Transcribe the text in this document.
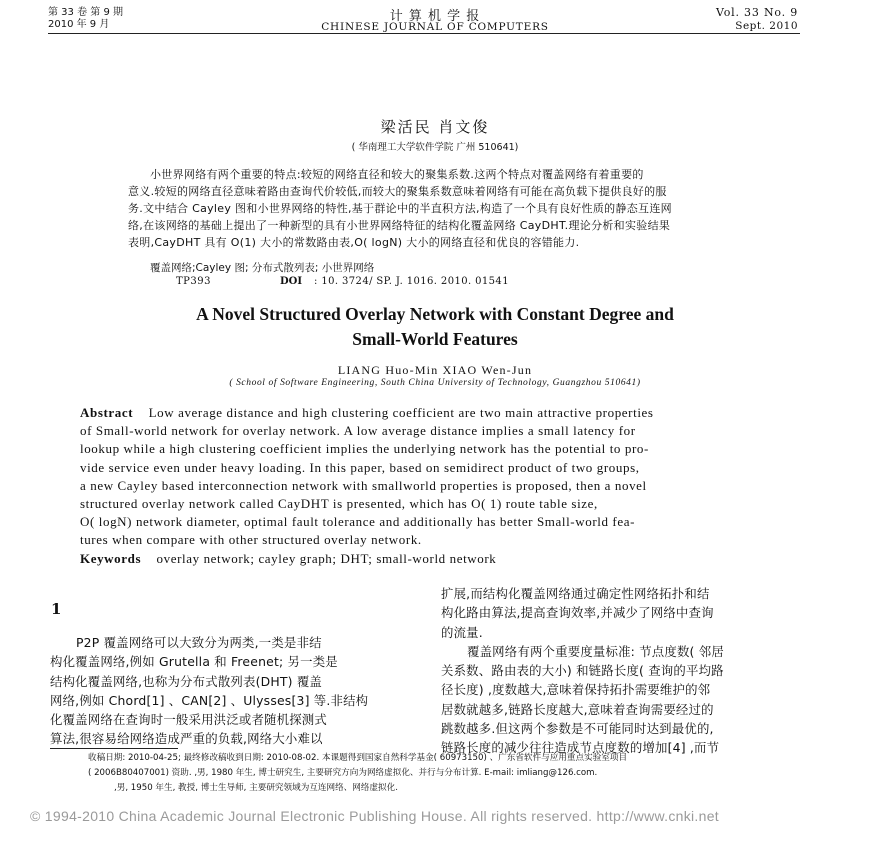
第 33 卷 第 9 期
2010 年 9 月
计 算 机 学 报
CHINESE JOURNAL OF COMPUTERS
Vol. 33 No. 9
Sept. 2010
梁活民 肖文俊
( 华南理工大学软件学院 广州 510641)
小世界网络有两个重要的特点:较短的网络直径和较大的聚集系数.这两个特点对覆盖网络有着重要的
意义.较短的网络直径意味着路由查询代价较低,而较大的聚集系数意味着网络有可能在高负载下提供良好的服
务.文中结合 Cayley 图和小世界网络的特性,基于群论中的半直积方法,构造了一个具有良好性质的静态互连网
络,在该网络的基础上提出了一种新型的具有小世界网络特征的结构化覆盖网络 CayDHT.理论分析和实验结果
表明,CayDHT 具有 O(1) 大小的常数路由表,O( logN) 大小的网络直径和优良的容错能力.
覆盖网络;Cayley 图; 分布式散列表; 小世界网络
TP393	DOI : 10. 3724/ SP. J. 1016. 2010. 01541
A Novel Structured Overlay Network with Constant Degree and
Small-World Features
LIANG Huo-Min XIAO Wen-Jun
( School of Software Engineering, South China University of Technology, Guangzhou 510641)
Abstract Low average distance and high clustering coefficient are two main attractive properties
of Small-world network for overlay network. A low average distance implies a small latency for
lookup while a high clustering coefficient implies the underlying network has the potential to pro-
vide service even under heavy loading. In this paper, based on semidirect product of two groups,
a new Cayley based interconnection network with smallworld properties is proposed, then a novel
structured overlay network called CayDHT is presented, which has O( 1) route table size,
O( logN) network diameter, optimal fault tolerance and additionally has better Small-world fea-
tures when compare with other structured overlay network.
Keywords overlay network; cayley graph; DHT; small-world network
1
P2P 覆盖网络可以大致分为两类,一类是非结
构化覆盖网络,例如 Grutella 和 Freenet; 另一类是
结构化覆盖网络,也称为分布式散列表(DHT) 覆盖
网络,例如 Chord[1] 、CAN[2] 、Ulysses[3] 等.非结构
化覆盖网络在查询时一般采用洪泛或者随机探测式
算法,很容易给网络造成严重的负载,网络大小难以
扩展,而结构化覆盖网络通过确定性网络拓扑和结
构化路由算法,提高查询效率,并减少了网络中查询
的流量.
覆盖网络有两个重要度量标准: 节点度数( 邻居
关系数、路由表的大小) 和链路长度( 查询的平均路
径长度) ,度数越大,意味着保持拓扑需要维护的邻
居数就越多,链路长度越大,意味着查询需要经过的
跳数越多.但这两个参数是不可能同时达到最优的,
链路长度的减少往往造成节点度数的增加[4] ,而节
收稿日期: 2010-04-25; 最终修改稿收到日期: 2010-08-02. 本课题得到国家自然科学基金( 60973150) 、广东省软件与应用重点实验室项目
( 2006B80407001) 资助. ,男, 1980 年生, 博士研究生, 主要研究方向为网络虚拟化、并行与分布计算. E-mail: imliang@126.com.
,男, 1950 年生, 教授, 博士生导师, 主要研究领域为互连网络、网络虚拟化.
© 1994-2010 China Academic Journal Electronic Publishing House. All rights reserved. http://www.cnki.net
